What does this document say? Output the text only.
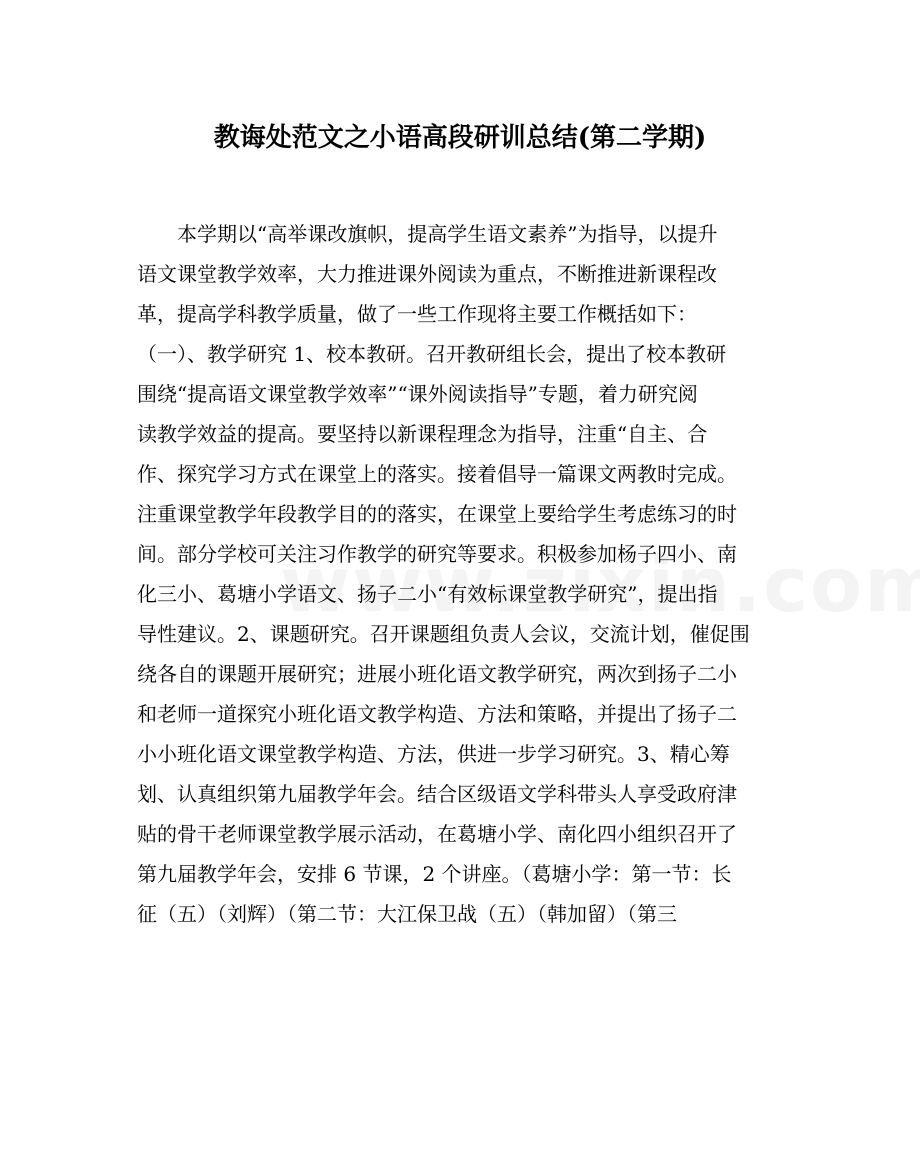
教诲处范文之小语高段研训总结(第二学期)
本学期以“高举课改旗帜，提高学生语文素养”为指导，以提升
语文课堂教学效率，大力推进课外阅读为重点，不断推进新课程改
革，提高学科教学质量，做了一些工作现将主要工作概括如下：
（一）、教学研究 1、校本教研。召开教研组长会，提出了校本教研
围绕“提高语文课堂教学效率”“课外阅读指导”专题，着力研究阅
读教学效益的提高。要坚持以新课程理念为指导，注重“自主、合
作、探究学习方式在课堂上的落实。接着倡导一篇课文两教时完成。
注重课堂教学年段教学目的的落实，在课堂上要给学生考虑练习的时
间。部分学校可关注习作教学的研究等要求。积极参加杨子四小、南
化三小、葛塘小学语文、扬子二小“有效标课堂教学研究”，提出指
导性建议。2、课题研究。召开课题组负责人会议，交流计划，催促围
绕各自的课题开展研究；进展小班化语文教学研究，两次到扬子二小
和老师一道探究小班化语文教学构造、方法和策略，并提出了扬子二
小小班化语文课堂教学构造、方法，供进一步学习研究。3、精心筹
划、认真组织第九届教学年会。结合区级语文学科带头人享受政府津
贴的骨干老师课堂教学展示活动，在葛塘小学、南化四小组织召开了
第九届教学年会，安排 6 节课，2 个讲座。（葛塘小学：第一节：长
征（五）（刘辉）（第二节：大江保卫战（五）（韩加留）（第三
